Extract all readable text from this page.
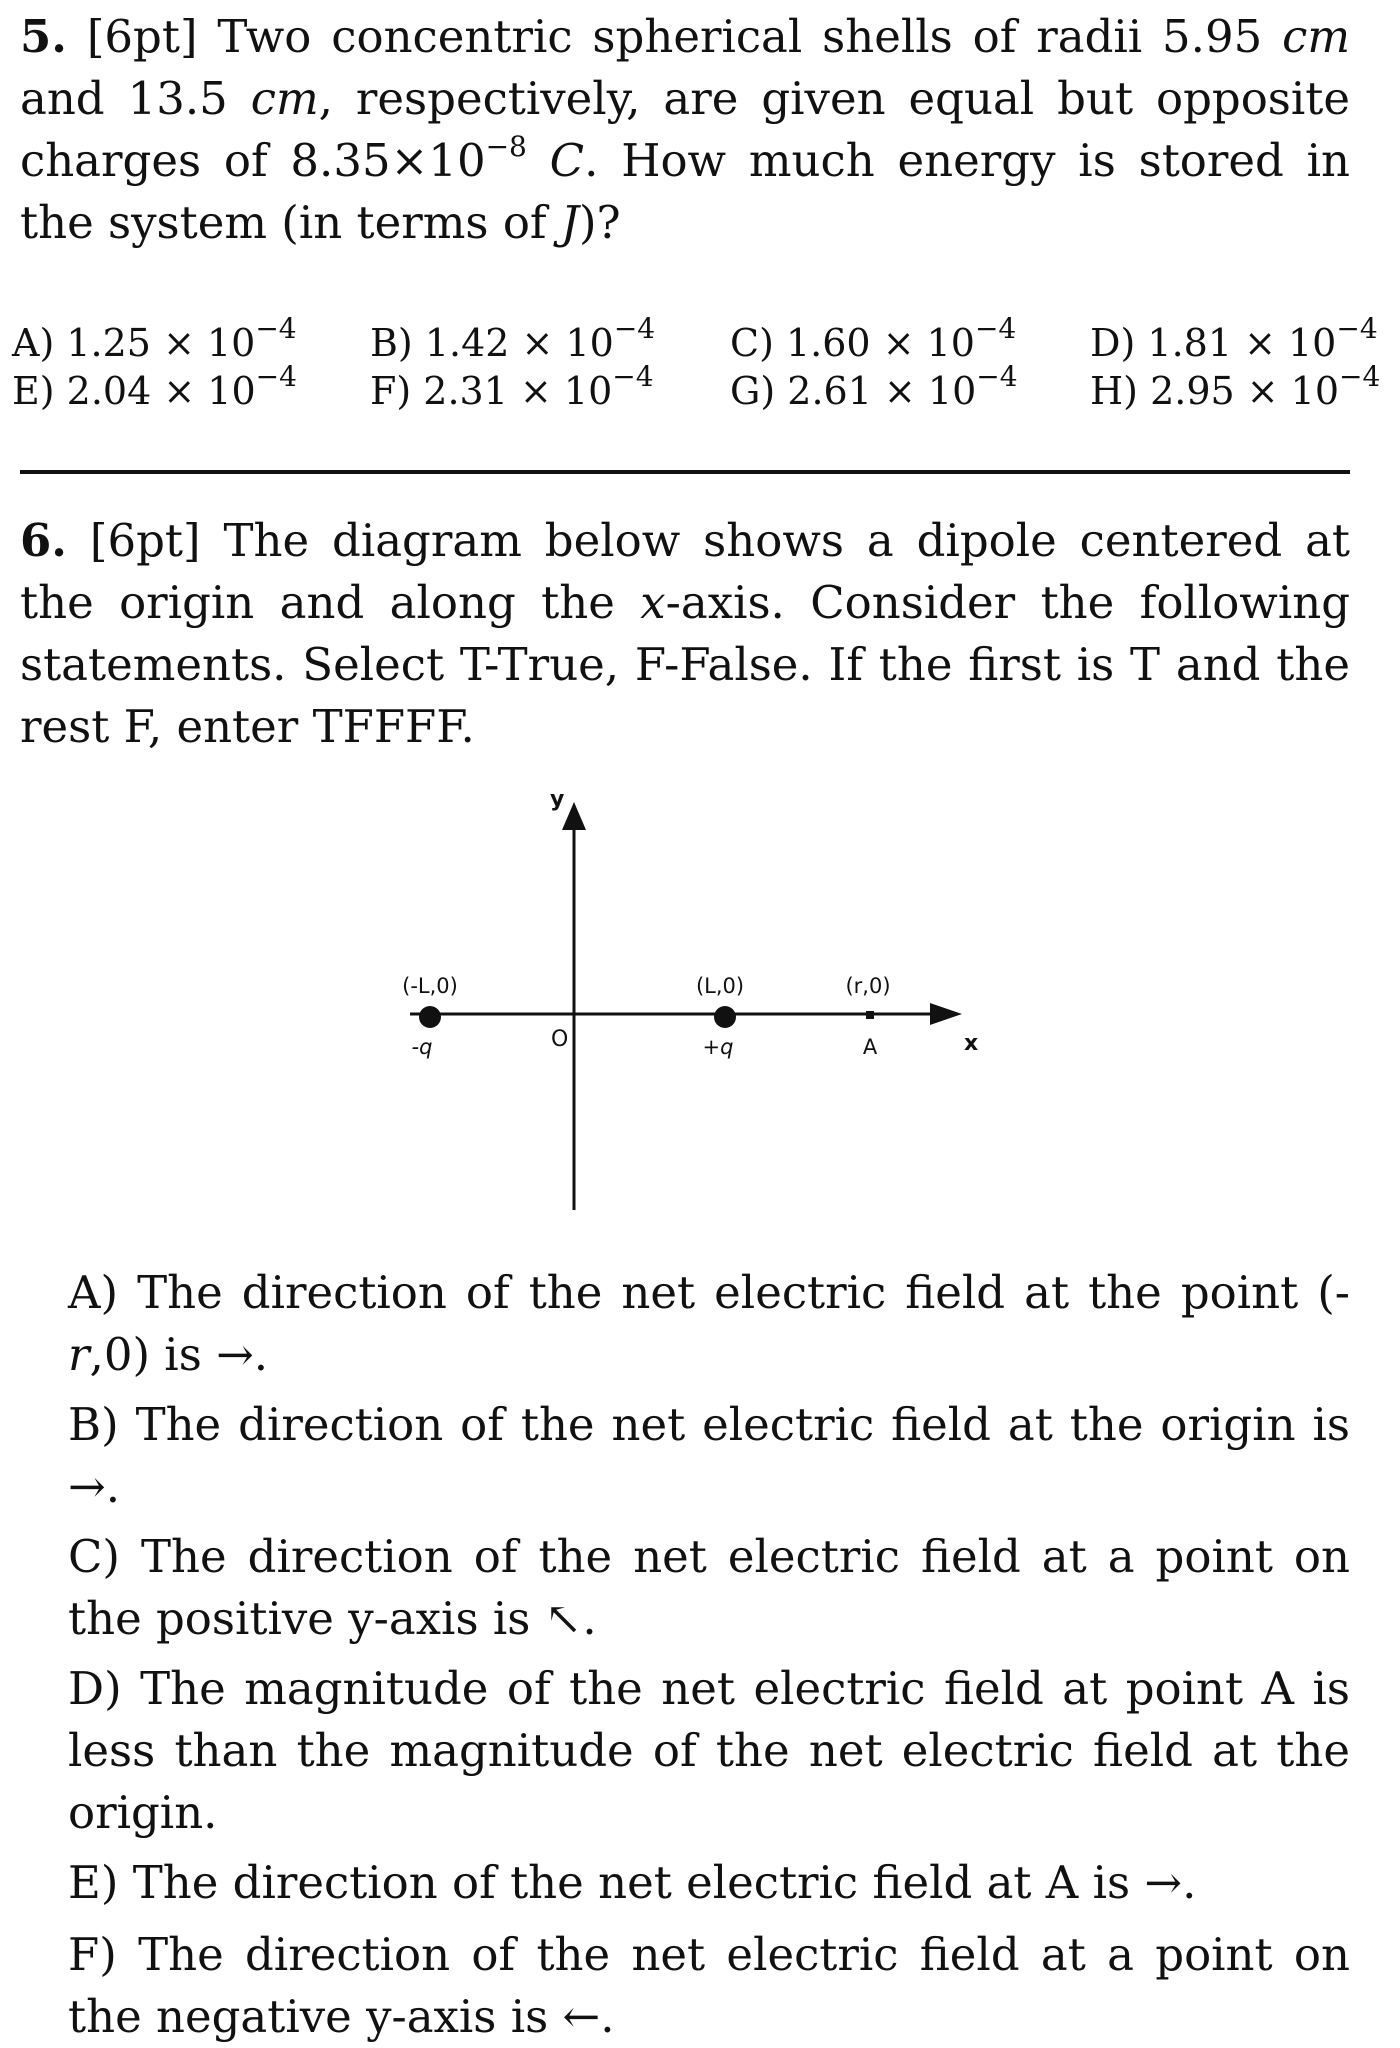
5. [6pt] Two concentric spherical shells of radii 5.95 cm and 13.5 cm, respectively, are given equal but opposite charges of $8.35\times 10^{-8}$ C. How much energy is stored in the system (in terms of J)?
A) $1.25 \times 10^{-4}$ B) $1.42 \times 10^{-4}$ C) $1.60 \times 10^{-4}$ D) $1.81 \times 10^{-4}$
E) $2.04 \times 10^{-4}$ F) $2.31 \times 10^{-4}$ G) $2.61 \times 10^{-4}$ H) $2.95 \times 10^{-4}$
6. [6pt] The diagram below shows a dipole centered at the origin and along the x-axis. Consider the following statements. Select T-True, F-False. If the first is T and the rest F, enter TFFFF.
y
x
O
(-L,0)
-q
(L,0)
+q
(r,0)
A
A) The direction of the net electric field at the point (-r,0) is →.
B) The direction of the net electric field at the origin is →.
C) The direction of the net electric field at a point on the positive y-axis is ↖.
D) The magnitude of the net electric field at point A is less than the magnitude of the net electric field at the origin.
E) The direction of the net electric field at A is →.
F) The direction of the net electric field at a point on the negative y-axis is ←.
